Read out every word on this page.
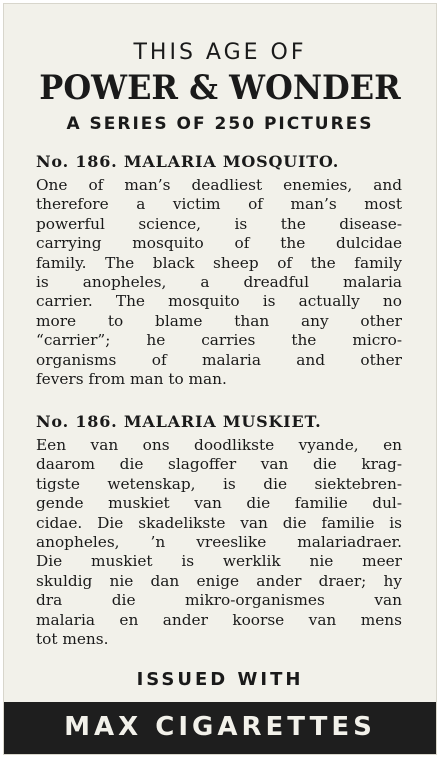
THIS AGE OF
POWER & WONDER
A SERIES OF 250 PICTURES
No. 186. MALARIA MOSQUITO.
One of man’s deadliest enemies, and
therefore a victim of man’s most
powerful science, is the disease-
carrying mosquito of the dulcidae
family. The black sheep of the family
is anopheles, a dreadful malaria
carrier. The mosquito is actually no
more to blame than any other
“carrier”; he carries the micro-
organisms of malaria and other
fevers from man to man.
No. 186. MALARIA MUSKIET.
Een van ons doodlikste vyande, en
daarom die slagoffer van die krag-
tigste wetenskap, is die siektebren-
gende muskiet van die familie dul-
cidae. Die skadelikste van die familie is
anopheles, ’n vreeslike malariadraer.
Die muskiet is werklik nie meer
skuldig nie dan enige ander draer; hy
dra die mikro-organismes van
malaria en ander koorse van mens
tot mens.
ISSUED WITH
MAX CIGARETTES
